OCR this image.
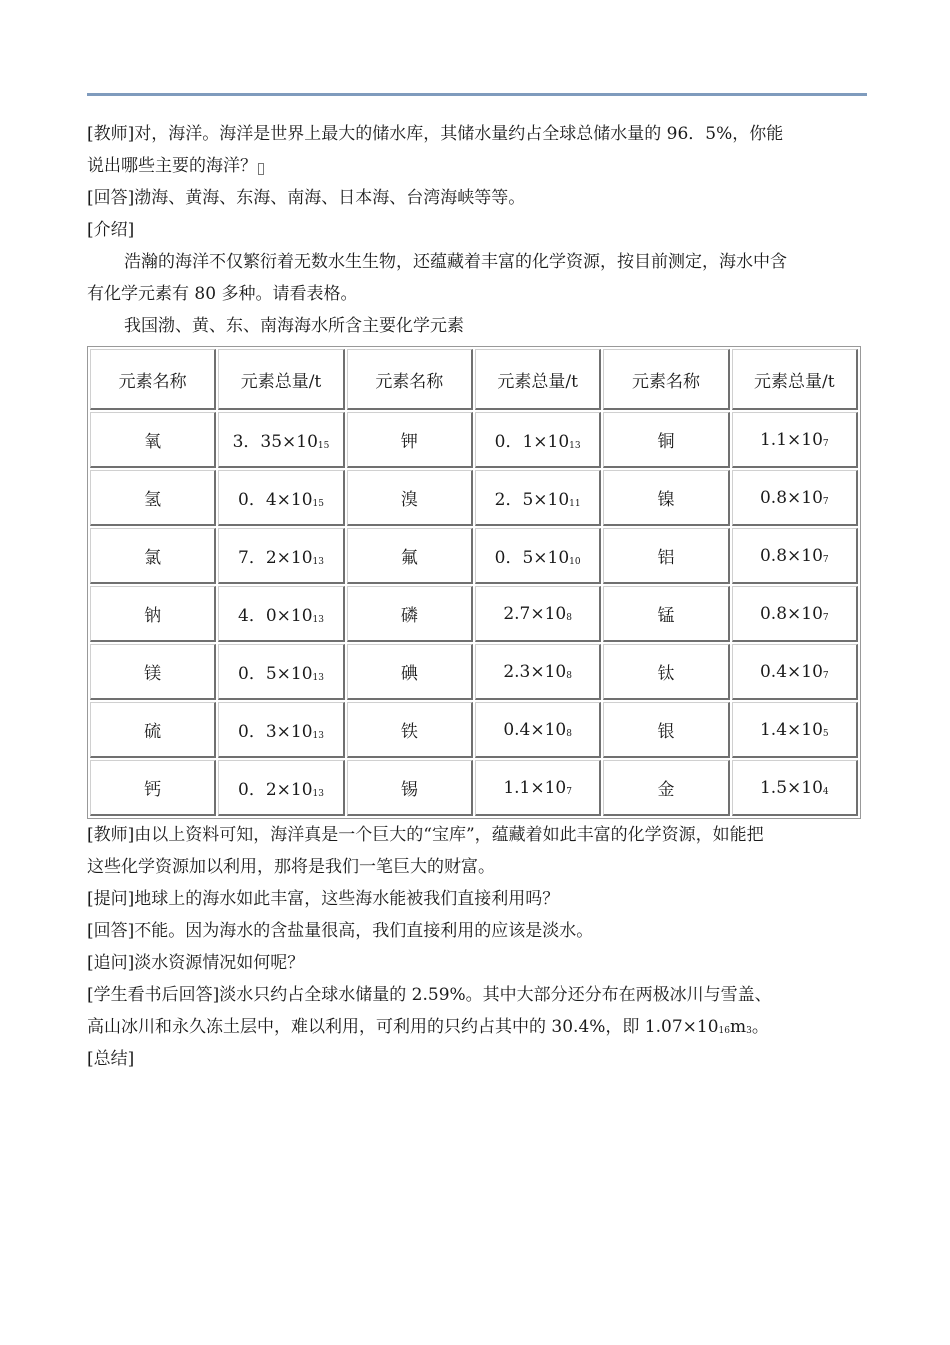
[教师]对，海洋。海洋是世界上最大的储水库，其储水量约占全球总储水量的 96．5%，你能
说出哪些主要的海洋？
[回答]渤海、黄海、东海、南海、日本海、台湾海峡等等。
[介绍]
浩瀚的海洋不仅繁衍着无数水生生物，还蕴藏着丰富的化学资源，按目前测定，海水中含
有化学元素有 80 多种。请看表格。
我国渤、黄、东、南海海水所含主要化学元素
元素名称	元素总量/t	元素名称	元素总量/t	元素名称	元素总量/t
氧	3．$35\times 10_{15}$	钾	0．$1\times 10_{13}$	铜	$1.1\times 10_7$
氢	0．$4\times 10_{15}$	溴	2．$5\times 10_{11}$	镍	$0.8\times 10_7$
氯	7．$2\times 10_{13}$	氟	0．$5\times 10_{10}$	铝	$0.8\times 10_7$
钠	4．$0\times 10_{13}$	磷	$2.7\times 10_8$	锰	$0.8\times 10_7$
镁	0．$5\times 10_{13}$	碘	$2.3\times 10_8$	钛	$0.4\times 10_7$
硫	0．$3\times 10_{13}$	铁	$0.4\times 10_8$	银	$1.4\times 10_5$
钙	0．$2\times 10_{13}$	锡	$1.1\times 10_7$	金	$1.5\times 10_4$
[教师]由以上资料可知，海洋真是一个巨大的“宝库”，蕴藏着如此丰富的化学资源，如能把
这些化学资源加以利用，那将是我们一笔巨大的财富。
[提问]地球上的海水如此丰富，这些海水能被我们直接利用吗？
[回答]不能。因为海水的含盐量很高，我们直接利用的应该是淡水。
[追问]淡水资源情况如何呢？
[学生看书后回答]淡水只约占全球水储量的 2.59%。其中大部分还分布在两极冰川与雪盖、
高山冰川和永久冻土层中，难以利用，可利用的只约占其中的 30.4%，即 $1.07\times 10_{16}m_3$。
[总结]
